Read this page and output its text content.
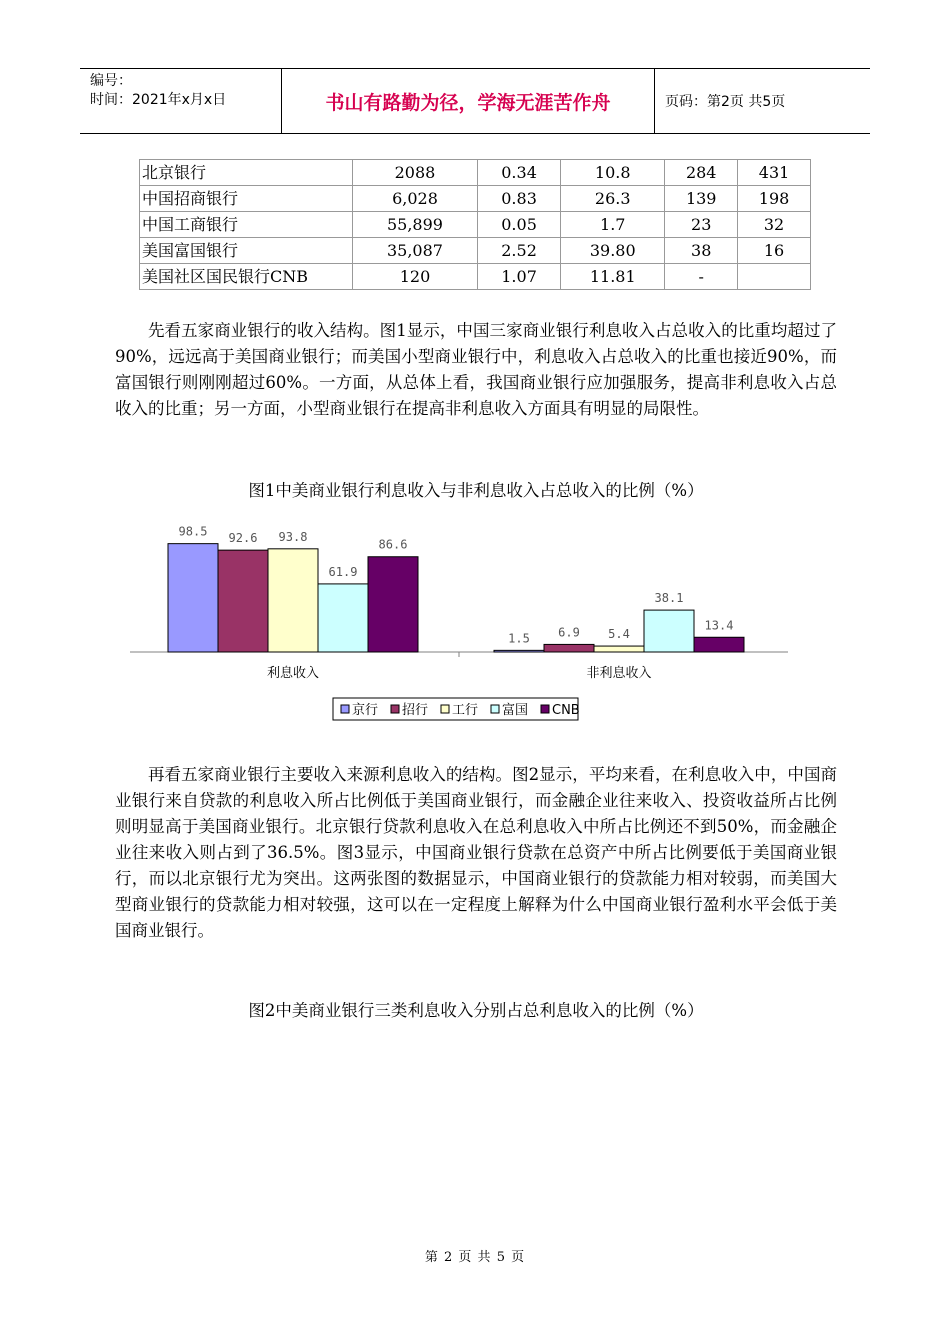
编号：
时间：2021年x月x日	书山有路勤为径，学海无涯苦作舟	页码：第2页 共5页
北京银行	2088	0.34	10.8	284	431
中国招商银行	6,028	0.83	26.3	139	198
中国工商银行	55,899	0.05	1.7	23	32
美国富国银行	35,087	2.52	39.80	38	16
美国社区国民银行CNB	120	1.07	11.81	-	

先看五家商业银行的收入结构。图1显示，中国三家商业银行利息收入占总收入的比重均超过了90%，远远高于美国商业银行；而美国小型商业银行中，利息收入占总收入的比重也接近90%，而富国银行则刚刚超过60%。一方面，从总体上看，我国商业银行应加强服务，提高非利息收入占总收入的比重；另一方面，小型商业银行在提高非利息收入方面具有明显的局限性。

图1中美商业银行利息收入与非利息收入占总收入的比例（%）
98.5 92.6 93.8
61.9
86.6
利息收入
1.5 6.9 5.4
38.1
13.4
非利息收入
京行 招行 工行 富国 CNB

再看五家商业银行主要收入来源利息收入的结构。图2显示，平均来看，在利息收入中，中国商业银行来自贷款的利息收入所占比例低于美国商业银行，而金融企业往来收入、投资收益所占比例则明显高于美国商业银行。北京银行贷款利息收入在总利息收入中所占比例还不到50%，而金融企业往来收入则占到了36.5%。图3显示，中国商业银行贷款在总资产中所占比例要低于美国商业银行，而以北京银行尤为突出。这两张图的数据显示，中国商业银行的贷款能力相对较弱，而美国大型商业银行的贷款能力相对较强，这可以在一定程度上解释为什么中国商业银行盈利水平会低于美国商业银行。

图2中美商业银行三类利息收入分别占总利息收入的比例（%）
第 2 页 共 5 页
